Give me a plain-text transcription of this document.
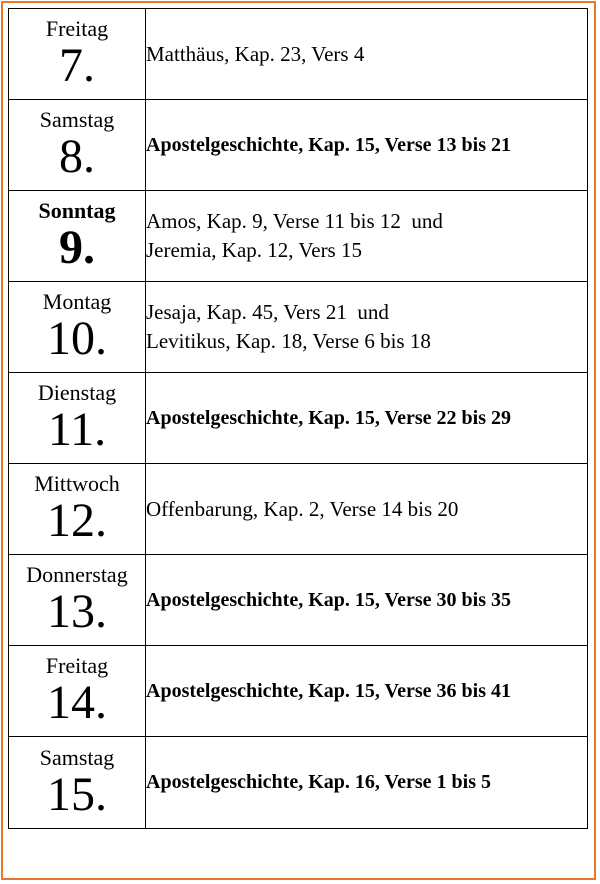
Freitag
7.	Matthäus, Kap. 23, Vers 4

Samstag
8.	Apostelgeschichte, Kap. 15, Verse 13 bis 21

Sonntag
9.	Amos, Kap. 9, Verse 11 bis 12  und
Jeremia, Kap. 12, Vers 15

Montag
10.	Jesaja, Kap. 45, Vers 21  und
Levitikus, Kap. 18, Verse 6 bis 18

Dienstag
11.	Apostelgeschichte, Kap. 15, Verse 22 bis 29

Mittwoch
12.	Offenbarung, Kap. 2, Verse 14 bis 20

Donnerstag
13.	Apostelgeschichte, Kap. 15, Verse 30 bis 35

Freitag
14.	Apostelgeschichte, Kap. 15, Verse 36 bis 41

Samstag
15.	Apostelgeschichte, Kap. 16, Verse 1 bis 5
